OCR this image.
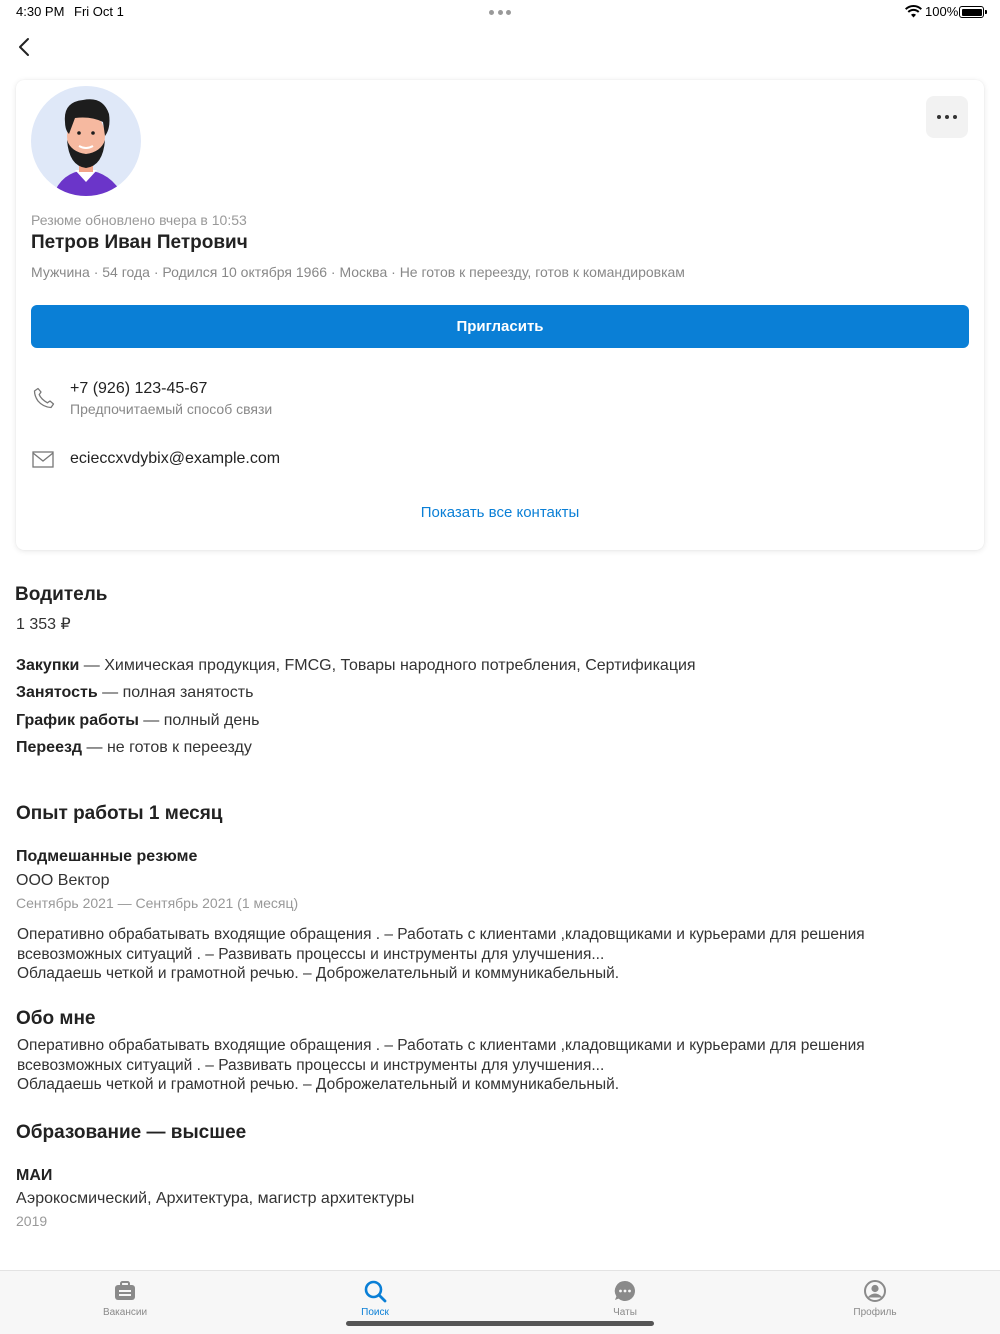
4:30 PM Fri Oct 1	100%
Резюме обновлено вчера в 10:53
Петров Иван Петрович
Мужчина · 54 года · Родился 10 октября 1966 · Москва · Не готов к переезду, готов к командировкам
Пригласить
+7 (926) 123-45-67
Предпочитаемый способ связи
ecieccxvdybix@example.com
Показать все контакты
Водитель
1 353 ₽
Закупки — Химическая продукция, FMCG, Товары народного потребления, Сертификация
Занятость — полная занятость
График работы — полный день
Переезд — не готов к переезду
Опыт работы 1 месяц
Подмешанные резюме
ООО Вектор
Сентябрь 2021 — Сентябрь 2021 (1 месяц)
Оперативно обрабатывать входящие обращения . – Работать с клиентами ,кладовщиками и курьерами для решения
всевозможных ситуаций . – Развивать процессы и инструменты для улучшения...
Обладаешь четкой и грамотной речью. – Доброжелательный и коммуникабельный.
Обо мне
Оперативно обрабатывать входящие обращения . – Работать с клиентами ,кладовщиками и курьерами для решения
всевозможных ситуаций . – Развивать процессы и инструменты для улучшения...
Обладаешь четкой и грамотной речью. – Доброжелательный и коммуникабельный.
Образование — высшее
МАИ
Аэрокосмический, Архитектура, магистр архитектуры
2019
Вакансии	Поиск	Чаты	Профиль
